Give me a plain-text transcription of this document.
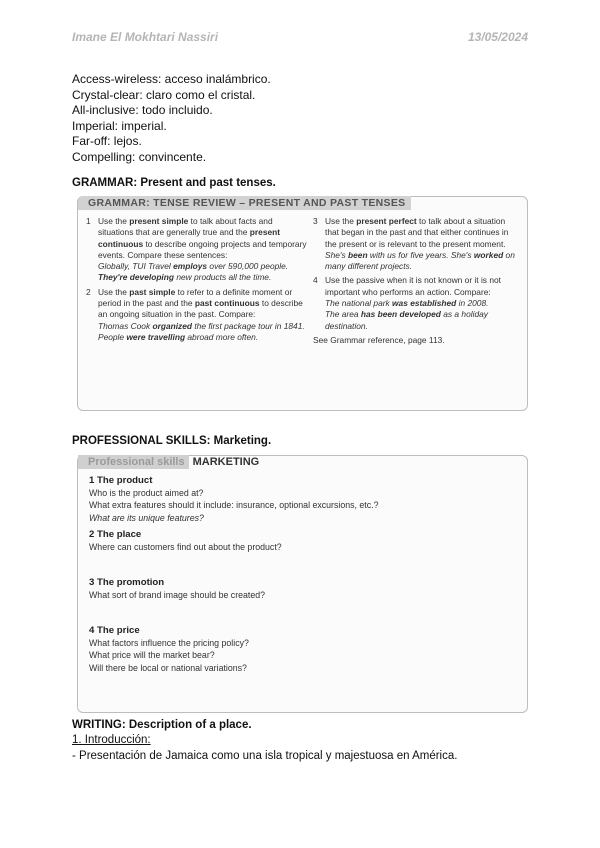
Imane El Mokhtari Nassiri	13/05/2024
Access-wireless: acceso inalámbrico.
Crystal-clear: claro como el cristal.
All-inclusive: todo incluido.
Imperial: imperial.
Far-off: lejos.
Compelling: convincente.
GRAMMAR: Present and past tenses.
GRAMMAR: TENSE REVIEW – PRESENT AND PAST TENSES
1 Use the present simple to talk about facts and situations that are generally true and the present continuous to describe ongoing projects and temporary events. Compare these sentences:
Globally, TUI Travel employs over 590,000 people.
They're developing new products all the time.
2 Use the past simple to refer to a definite moment or period in the past and the past continuous to describe an ongoing situation in the past. Compare:
Thomas Cook organized the first package tour in 1841.
People were travelling abroad more often.
3 Use the present perfect to talk about a situation that began in the past and that either continues in the present or is relevant to the present moment.
She's been with us for five years. She's worked on many different projects.
4 Use the passive when it is not known or it is not important who performs an action. Compare:
The national park was established in 2008.
The area has been developed as a holiday destination.
See Grammar reference, page 113.
PROFESSIONAL SKILLS: Marketing.
Professional skills MARKETING
1 The product
Who is the product aimed at?
What extra features should it include: insurance, optional excursions, etc.?
What are its unique features?
2 The place
Where can customers find out about the product?
3 The promotion
What sort of brand image should be created?
4 The price
What factors influence the pricing policy?
What price will the market bear?
Will there be local or national variations?
WRITING: Description of a place.
1. Introducción:
- Presentación de Jamaica como una isla tropical y majestuosa en América.
